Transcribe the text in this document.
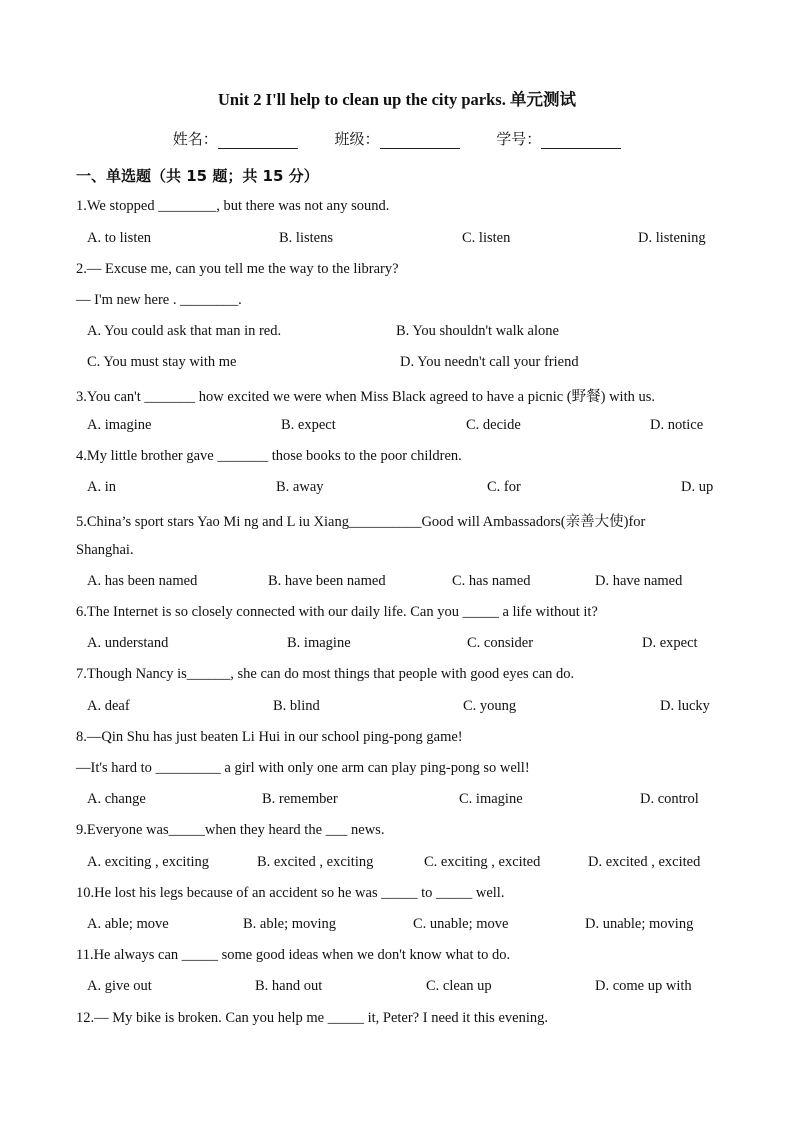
Unit 2 I'll help to clean up the city parks. 单元测试
姓名：	班级：	学号：
一、单选题（共 15 题；共 15 分）
1.We stopped ________, but there was not any sound.
A. to listen	B. listens	C. listen	D. listening
2.— Excuse me, can you tell me the way to the library?
— I'm new here . ________.
A. You could ask that man in red.	B. You shouldn't walk alone
C. You must stay with me	D. You needn't call your friend
3.You can't _______ how excited we were when Miss Black agreed to have a picnic (野餐) with us.
A. imagine	B. expect	C. decide	D. notice
4.My little brother gave _______ those books to the poor children.
A. in	B. away	C. for	D. up
5.China’s sport stars Yao Mi ng and L iu Xiang__________Good will Ambassadors(亲善大使)for
Shanghai.
A. has been named	B. have been named	C. has named	D. have named
6.The Internet is so closely connected with our daily life. Can you _____ a life without it?
A. understand	B. imagine	C. consider	D. expect
7.Though Nancy is______, she can do most things that people with good eyes can do.
A. deaf	B. blind	C. young	D. lucky
8.—Qin Shu has just beaten Li Hui in our school ping-pong game!
—It's hard to _________ a girl with only one arm can play ping-pong so well!
A. change	B. remember	C. imagine	D. control
9.Everyone was_____when they heard the ___ news.
A. exciting , exciting	B. excited , exciting	C. exciting , excited	D. excited , excited
10.He lost his legs because of an accident so he was _____ to _____ well.
A. able; move	B. able; moving	C. unable; move	D. unable; moving
11.He always can _____ some good ideas when we don't know what to do.
A. give out	B. hand out	C. clean up	D. come up with
12.— My bike is broken. Can you help me _____ it, Peter? I need it this evening.
